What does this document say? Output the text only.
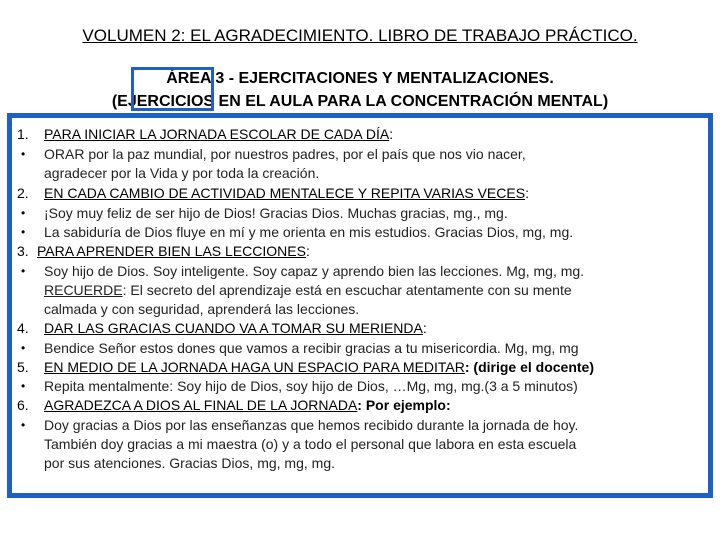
VOLUMEN 2: EL AGRADECIMIENTO. LIBRO DE TRABAJO PRÁCTICO.
ÁREA 3 - EJERCITACIONES Y MENTALIZACIONES.
(EJERCICIOS EN EL AULA PARA LA CONCENTRACIÓN MENTAL)
1. PARA INICIAR LA JORNADA ESCOLAR DE CADA DÍA:
• ORAR por la paz mundial, por nuestros padres, por el país que nos vio nacer,
agradecer por la Vida y por toda la creación.
2. EN CADA CAMBIO DE ACTIVIDAD MENTALECE Y REPITA VARIAS VECES:
• ¡Soy muy feliz de ser hijo de Dios! Gracias Dios. Muchas gracias, mg., mg.
• La sabiduría de Dios fluye en mí y me orienta en mis estudios. Gracias Dios, mg, mg.
3. PARA APRENDER BIEN LAS LECCIONES:
• Soy hijo de Dios. Soy inteligente. Soy capaz y aprendo bien las lecciones. Mg, mg, mg.
RECUERDE: El secreto del aprendizaje está en escuchar atentamente con su mente
calmada y con seguridad, aprenderá las lecciones.
4. DAR LAS GRACIAS CUANDO VA A TOMAR SU MERIENDA:
• Bendice Señor estos dones que vamos a recibir gracias a tu misericordia. Mg, mg, mg
5. EN MEDIO DE LA JORNADA HAGA UN ESPACIO PARA MEDITAR: (dirige el docente)
• Repita mentalmente: Soy hijo de Dios, soy hijo de Dios, …Mg, mg, mg.(3 a 5 minutos)
6. AGRADEZCA A DIOS AL FINAL DE LA JORNADA: Por ejemplo:
• Doy gracias a Dios por las enseñanzas que hemos recibido durante la jornada de hoy.
También doy gracias a mi maestra (o) y a todo el personal que labora en esta escuela
por sus atenciones. Gracias Dios, mg, mg, mg.
